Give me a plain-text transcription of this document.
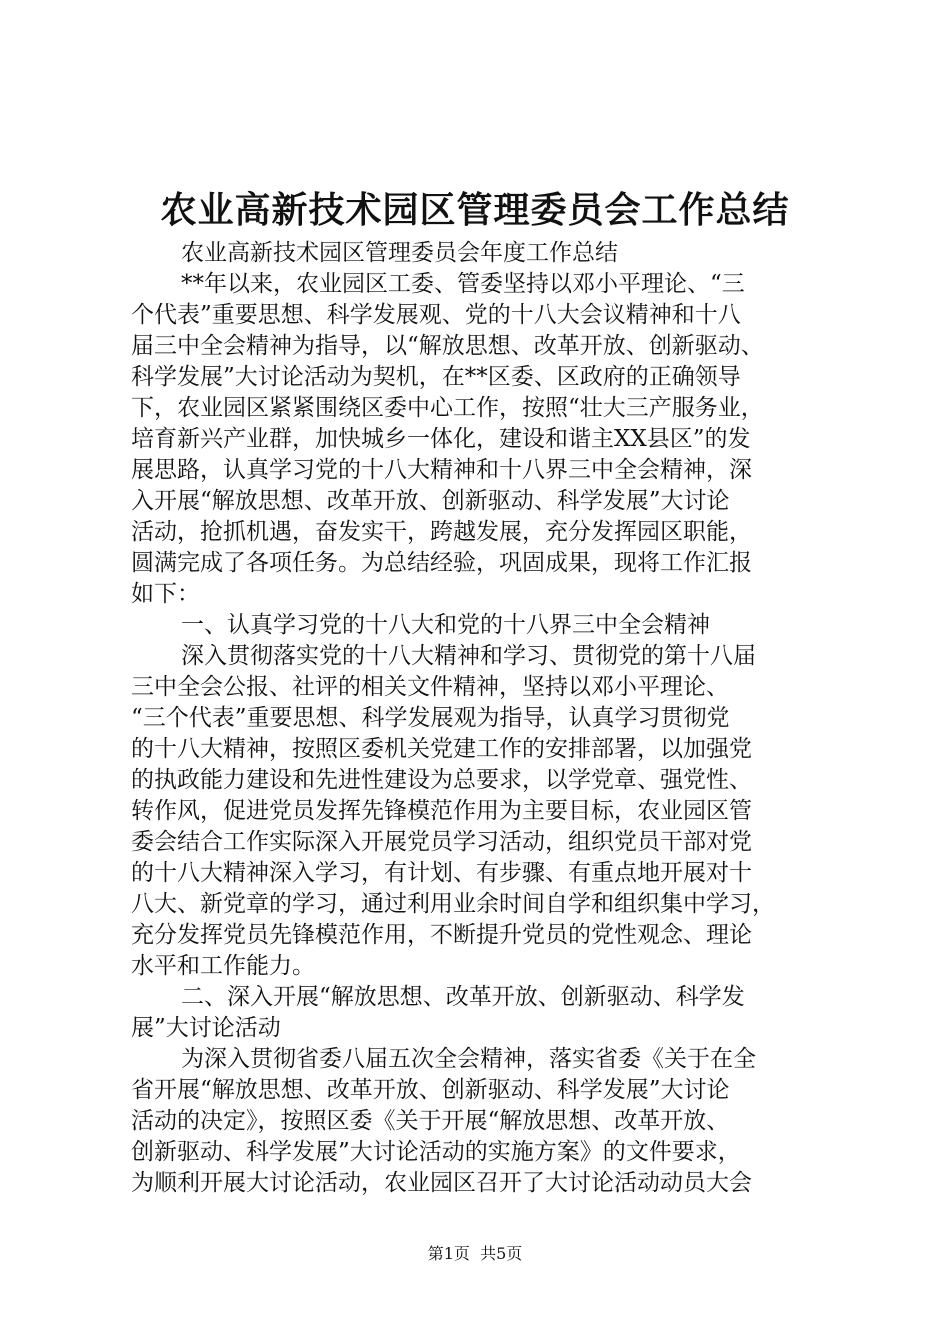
农业高新技术园区管理委员会工作总结
农业高新技术园区管理委员会年度工作总结
**年以来，农业园区工委、管委坚持以邓小平理论、“三
个代表”重要思想、科学发展观、党的十八大会议精神和十八
届三中全会精神为指导，以“解放思想、改革开放、创新驱动、
科学发展”大讨论活动为契机，在**区委、区政府的正确领导
下，农业园区紧紧围绕区委中心工作，按照“壮大三产服务业，
培育新兴产业群，加快城乡一体化，建设和谐主XX县区”的发
展思路，认真学习党的十八大精神和十八界三中全会精神，深
入开展“解放思想、改革开放、创新驱动、科学发展”大讨论
活动，抢抓机遇，奋发实干，跨越发展，充分发挥园区职能，
圆满完成了各项任务。为总结经验，巩固成果，现将工作汇报
如下：
一、认真学习党的十八大和党的十八界三中全会精神
深入贯彻落实党的十八大精神和学习、贯彻党的第十八届
三中全会公报、社评的相关文件精神，坚持以邓小平理论、
“三个代表”重要思想、科学发展观为指导，认真学习贯彻党
的十八大精神，按照区委机关党建工作的安排部署，以加强党
的执政能力建设和先进性建设为总要求，以学党章、强党性、
转作风，促进党员发挥先锋模范作用为主要目标，农业园区管
委会结合工作实际深入开展党员学习活动，组织党员干部对党
的十八大精神深入学习，有计划、有步骤、有重点地开展对十
八大、新党章的学习，通过利用业余时间自学和组织集中学习，
充分发挥党员先锋模范作用，不断提升党员的党性观念、理论
水平和工作能力。
二、深入开展“解放思想、改革开放、创新驱动、科学发
展”大讨论活动
为深入贯彻省委八届五次全会精神，落实省委《关于在全
省开展“解放思想、改革开放、创新驱动、科学发展”大讨论
活动的决定》，按照区委《关于开展“解放思想、改革开放、
创新驱动、科学发展”大讨论活动的实施方案》的文件要求，
为顺利开展大讨论活动，农业园区召开了大讨论活动动员大会
第1页  共5页
